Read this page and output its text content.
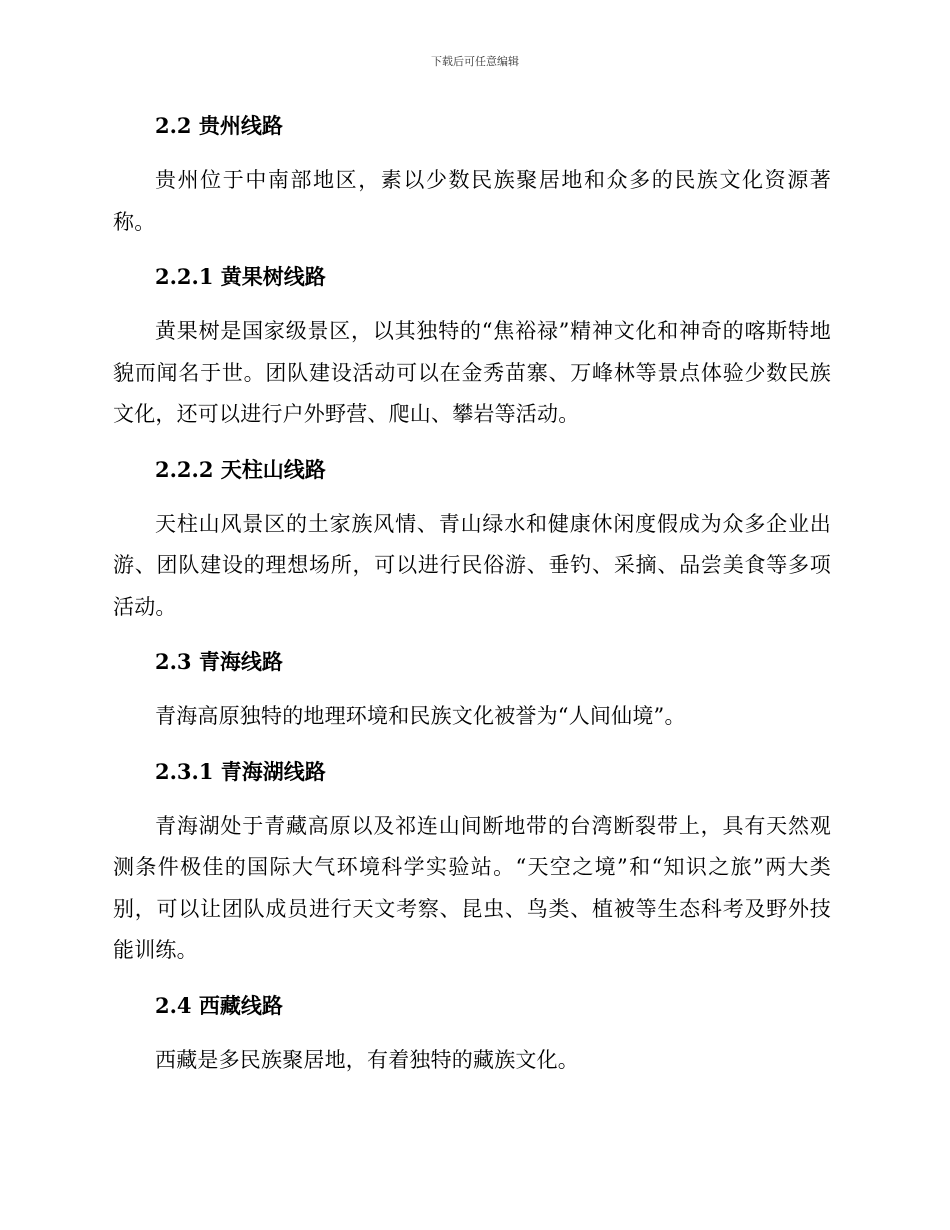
下载后可任意编辑
2.2 贵州线路

贵州位于中南部地区，素以少数民族聚居地和众多的民族文化资源著称。

2.2.1 黄果树线路

黄果树是国家级景区，以其独特的“焦裕禄”精神文化和神奇的喀斯特地貌而闻名于世。团队建设活动可以在金秀苗寨、万峰林等景点体验少数民族文化，还可以进行户外野营、爬山、攀岩等活动。

2.2.2 天柱山线路

天柱山风景区的土家族风情、青山绿水和健康休闲度假成为众多企业出游、团队建设的理想场所，可以进行民俗游、垂钓、采摘、品尝美食等多项活动。

2.3 青海线路

青海高原独特的地理环境和民族文化被誉为“人间仙境”。

2.3.1 青海湖线路

青海湖处于青藏高原以及祁连山间断地带的台湾断裂带上，具有天然观测条件极佳的国际大气环境科学实验站。“天空之境”和“知识之旅”两大类别，可以让团队成员进行天文考察、昆虫、鸟类、植被等生态科考及野外技能训练。

2.4 西藏线路

西藏是多民族聚居地，有着独特的藏族文化。
